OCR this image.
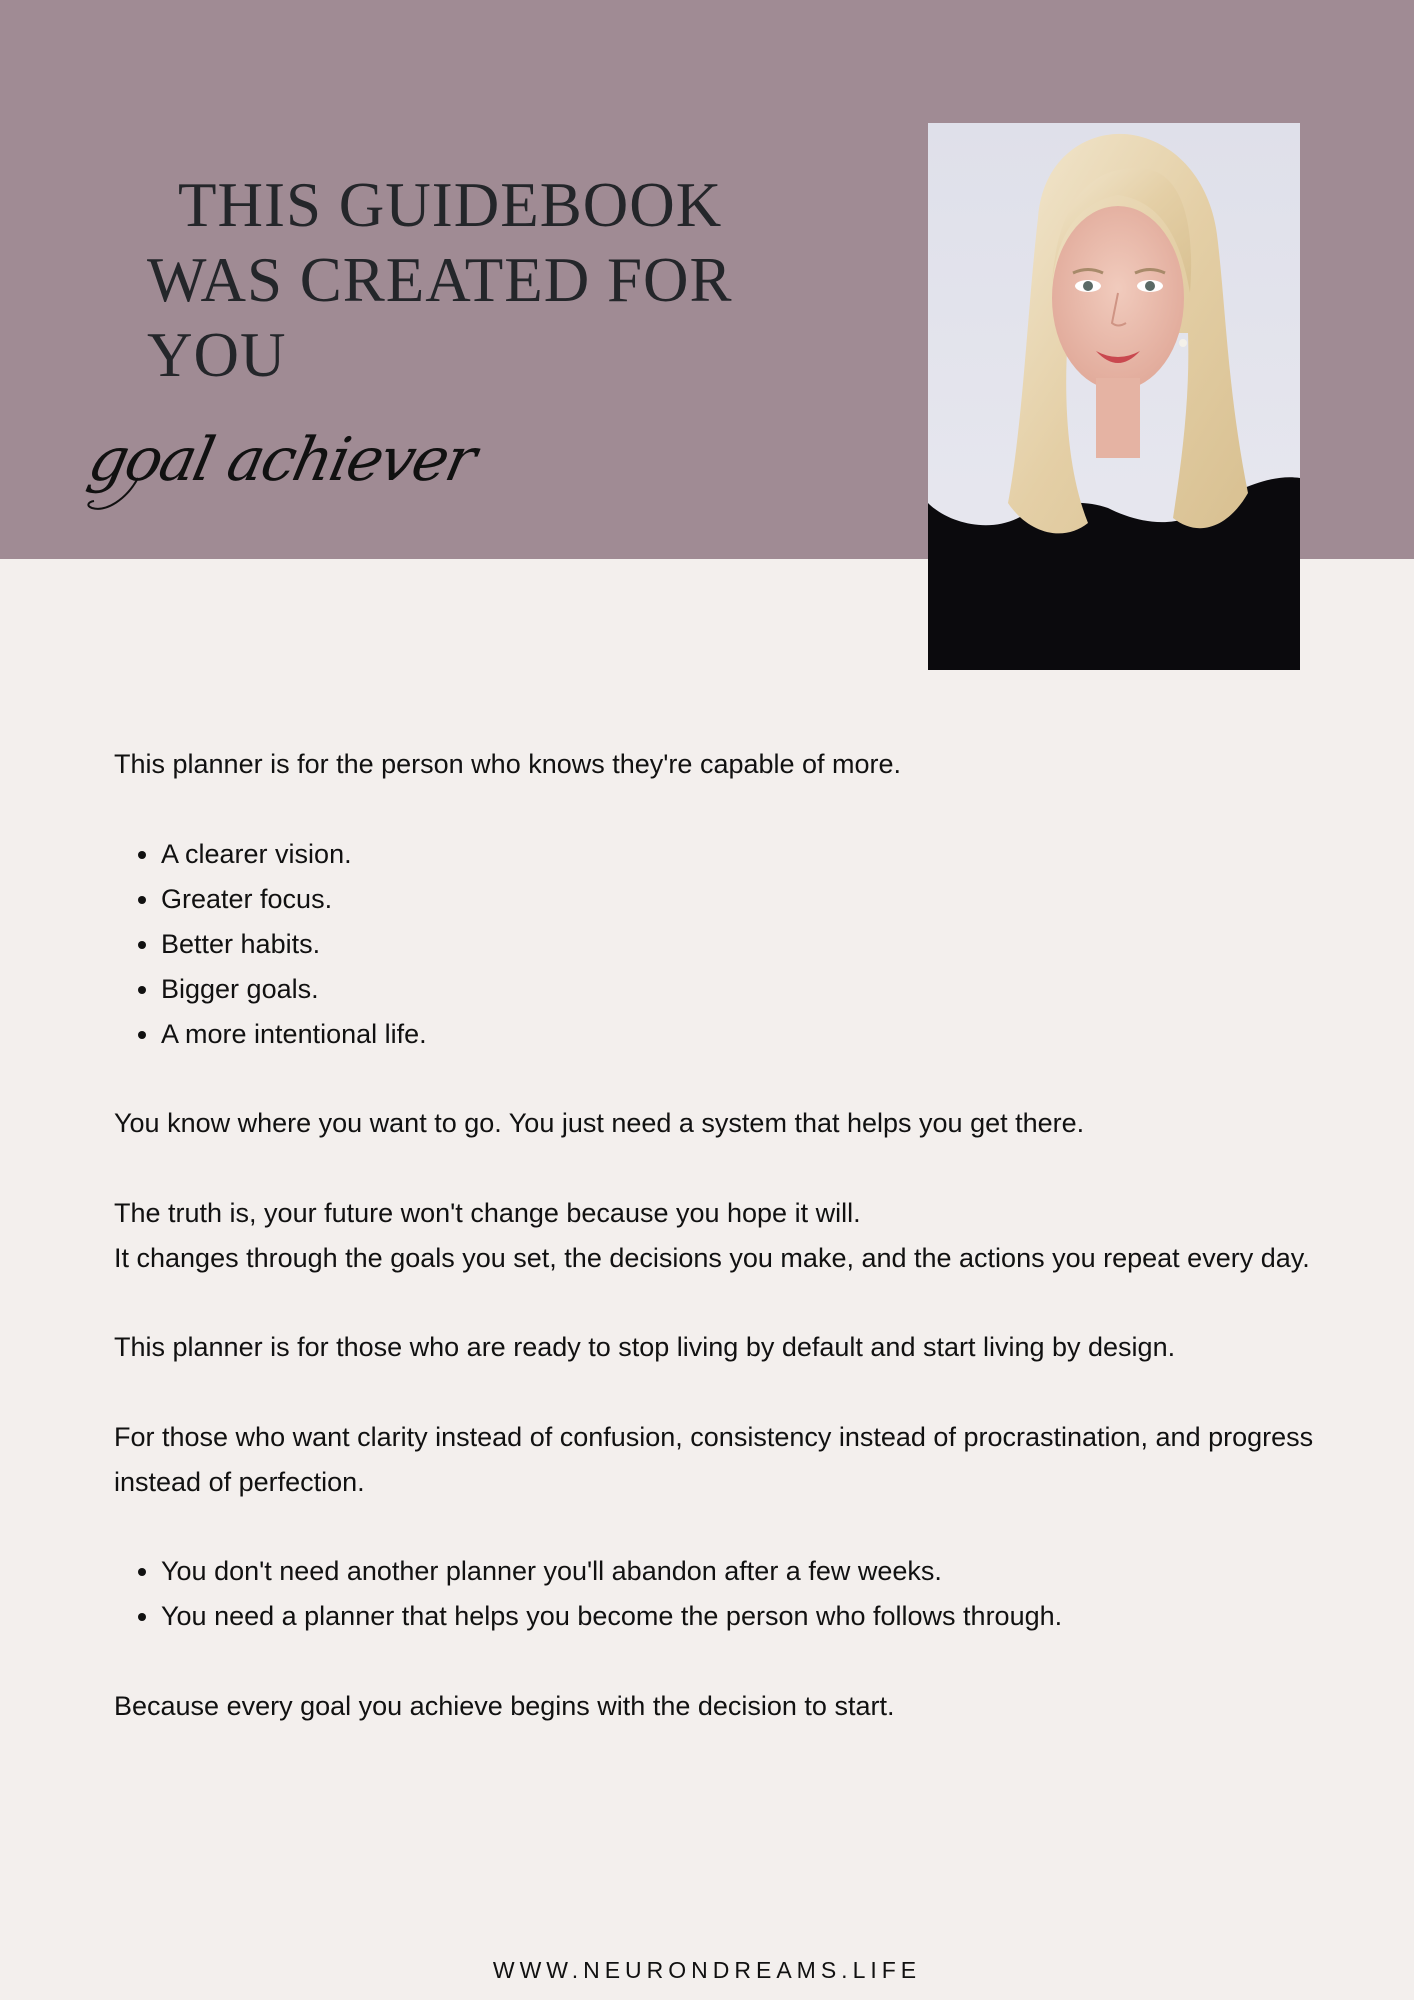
THIS GUIDEBOOK
WAS CREATED FOR
YOU
goal achiever

This planner is for the person who knows they're capable of more.

• A clearer vision.
• Greater focus.
• Better habits.
• Bigger goals.
• A more intentional life.

You know where you want to go. You just need a system that helps you get there.

The truth is, your future won't change because you hope it will.

It changes through the goals you set, the decisions you make, and the actions you repeat every day.

This planner is for those who are ready to stop living by default and start living by design.

For those who want clarity instead of confusion, consistency instead of procrastination, and progress instead of perfection.

• You don't need another planner you'll abandon after a few weeks.
• You need a planner that helps you become the person who follows through.

Because every goal you achieve begins with the decision to start.

WWW.NEURONDREAMS.LIFE
